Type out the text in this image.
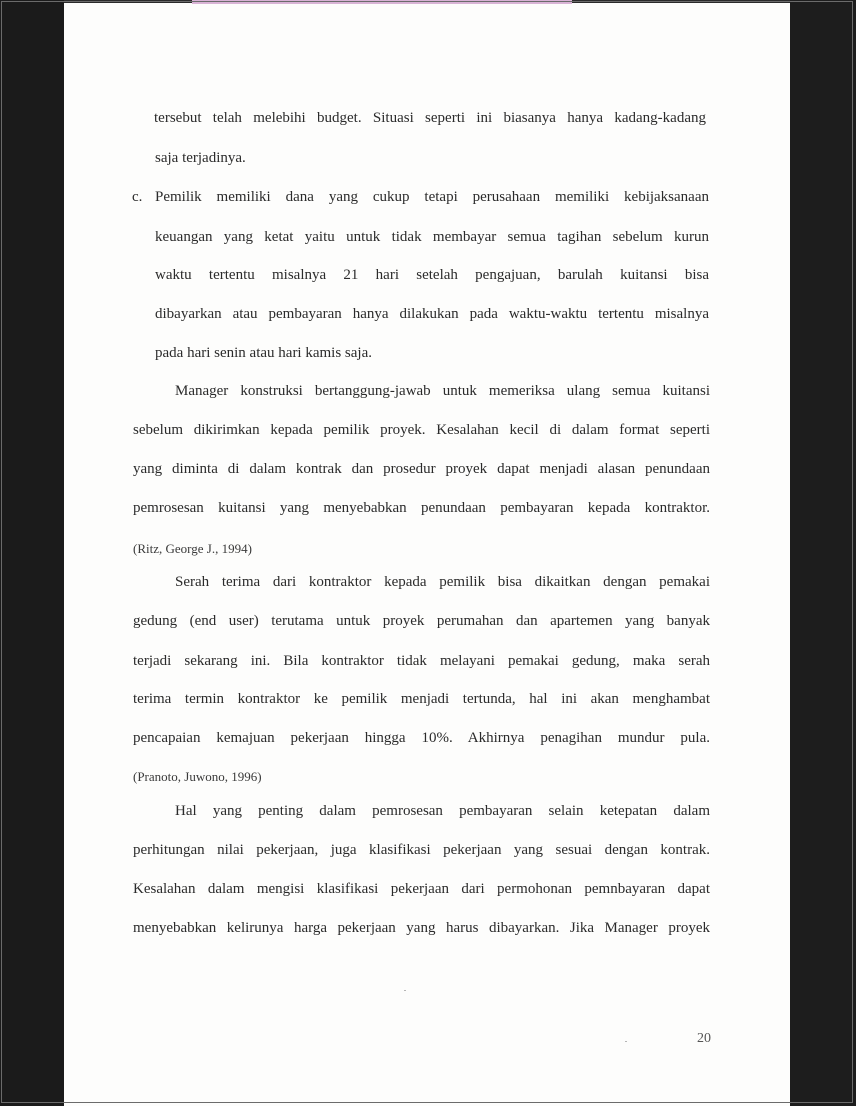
tersebut telah melebihi budget. Situasi seperti ini biasanya hanya kadang-kadang

saja terjadinya.

c. Pemilik memiliki dana yang cukup tetapi perusahaan memiliki kebijaksanaan

keuangan yang ketat yaitu untuk tidak membayar semua tagihan sebelum kurun

waktu tertentu misalnya 21 hari setelah pengajuan, barulah kuitansi bisa

dibayarkan atau pembayaran hanya dilakukan pada waktu-waktu tertentu misalnya

pada hari senin atau hari kamis saja.

Manager konstruksi bertanggung-jawab untuk memeriksa ulang semua kuitansi

sebelum dikirimkan kepada pemilik proyek. Kesalahan kecil di dalam format seperti

yang diminta di dalam kontrak dan prosedur proyek dapat menjadi alasan penundaan

pemrosesan kuitansi yang menyebabkan penundaan pembayaran kepada kontraktor.

(Ritz, George J., 1994)

Serah terima dari kontraktor kepada pemilik bisa dikaitkan dengan pemakai

gedung (end user) terutama untuk proyek perumahan dan apartemen yang banyak

terjadi sekarang ini. Bila kontraktor tidak melayani pemakai gedung, maka serah

terima termin kontraktor ke pemilik menjadi tertunda, hal ini akan menghambat

pencapaian kemajuan pekerjaan hingga 10%. Akhirnya penagihan mundur pula.

(Pranoto, Juwono, 1996)

Hal yang penting dalam pemrosesan pembayaran selain ketepatan dalam

perhitungan nilai pekerjaan, juga klasifikasi pekerjaan yang sesuai dengan kontrak.

Kesalahan dalam mengisi klasifikasi pekerjaan dari permohonan pemnbayaran dapat

menyebabkan kelirunya harga pekerjaan yang harus dibayarkan. Jika Manager proyek

20
